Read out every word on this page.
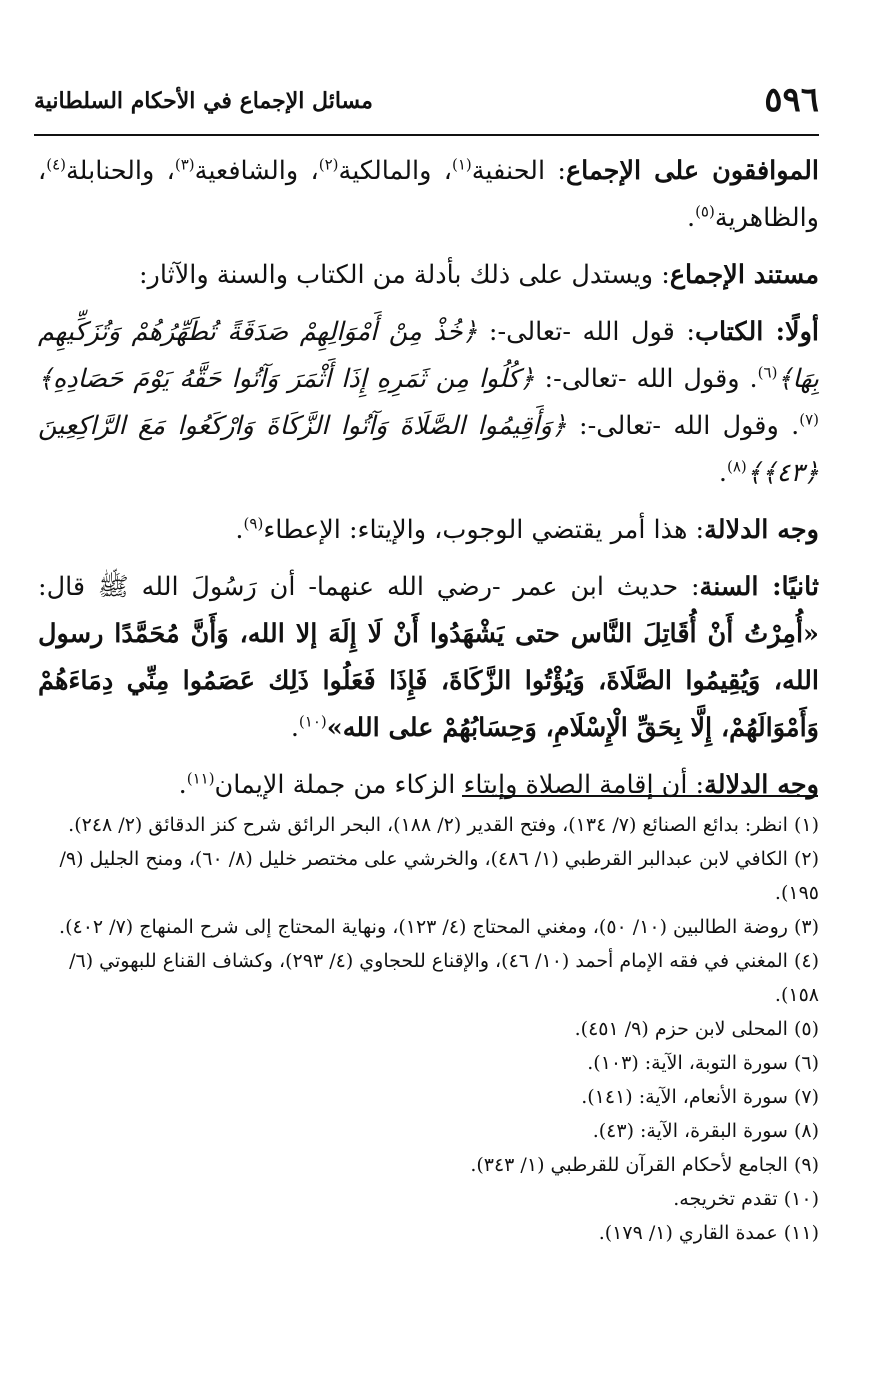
٥٩٦
مسائل الإجماع في الأحكام السلطانية

الموافقون على الإجماع: الحنفية$^{(١)}$، والمالكية$^{(٢)}$، والشافعية$^{(٣)}$، والحنابلة$^{(٤)}$، والظاهرية$^{(٥)}$.

مستند الإجماع: ويستدل على ذلك بأدلة من الكتاب والسنة والآثار:

أولًا: الكتاب: قول الله -تعالى-: ﴿خُذْ مِنْ أَمْوَالِهِمْ صَدَقَةً تُطَهِّرُهُمْ وَتُزَكِّيهِم بِهَا﴾$^{(٦)}$. وقول الله -تعالى-: ﴿كُلُوا مِن ثَمَرِهِ إِذَا أَثْمَرَ وَآتُوا حَقَّهُ يَوْمَ حَصَادِهِ﴾$^{(٧)}$. وقول الله -تعالى-: ﴿وَأَقِيمُوا الصَّلَاةَ وَآتُوا الزَّكَاةَ وَارْكَعُوا مَعَ الرَّاكِعِينَ ﴿٤٣﴾﴾$^{(٨)}$.

وجه الدلالة: هذا أمر يقتضي الوجوب، والإيتاء: الإعطاء$^{(٩)}$.

ثانيًا: السنة: حديث ابن عمر -رضي الله عنهما- أن رَسُولَ الله ﷺ قال: «أُمِرْتُ أَنْ أُقَاتِلَ النَّاس حتى يَشْهَدُوا أَنْ لَا إِلَهَ إلا الله، وَأَنَّ مُحَمَّدًا رسول الله، وَيُقِيمُوا الصَّلَاةَ، وَيُؤْتُوا الزَّكَاةَ، فَإِذَا فَعَلُوا ذَلِك عَصَمُوا مِنِّي دِمَاءَهُمْ وَأَمْوَالَهُمْ، إِلَّا بِحَقِّ الْإِسْلَامِ، وَحِسَابُهُمْ على الله»$^{(١٠)}$.

وجه الدلالة: أن إقامة الصلاة وإيتاء الزكاء من جملة الإيمان$^{(١١)}$.

(١)انظر: بدائع الصنائع (٧/ ١٣٤)، وفتح القدير (٢/ ١٨٨)، البحر الرائق شرح كنز الدقائق (٢/ ٢٤٨).

(٢)الكافي لابن عبدالبر القرطبي (١/ ٤٨٦)، والخرشي على مختصر خليل (٨/ ٦٠)، ومنح الجليل (٩/ ١٩٥).

(٣)روضة الطالبين (١٠/ ٥٠)، ومغني المحتاج (٤/ ١٢٣)، ونهاية المحتاج إلى شرح المنهاج (٧/ ٤٠٢).

(٤)المغني في فقه الإمام أحمد (١٠/ ٤٦)، والإقناع للحجاوي (٤/ ٢٩٣)، وكشاف القناع للبهوتي (٦/ ١٥٨).

(٥)المحلى لابن حزم (٩/ ٤٥١).

(٦)سورة التوبة، الآية: (١٠٣).

(٧)سورة الأنعام، الآية: (١٤١).

(٨)سورة البقرة، الآية: (٤٣).

(٩)الجامع لأحكام القرآن للقرطبي (١/ ٣٤٣).

(١٠)تقدم تخريجه.

(١١)عمدة القاري (١/ ١٧٩).
